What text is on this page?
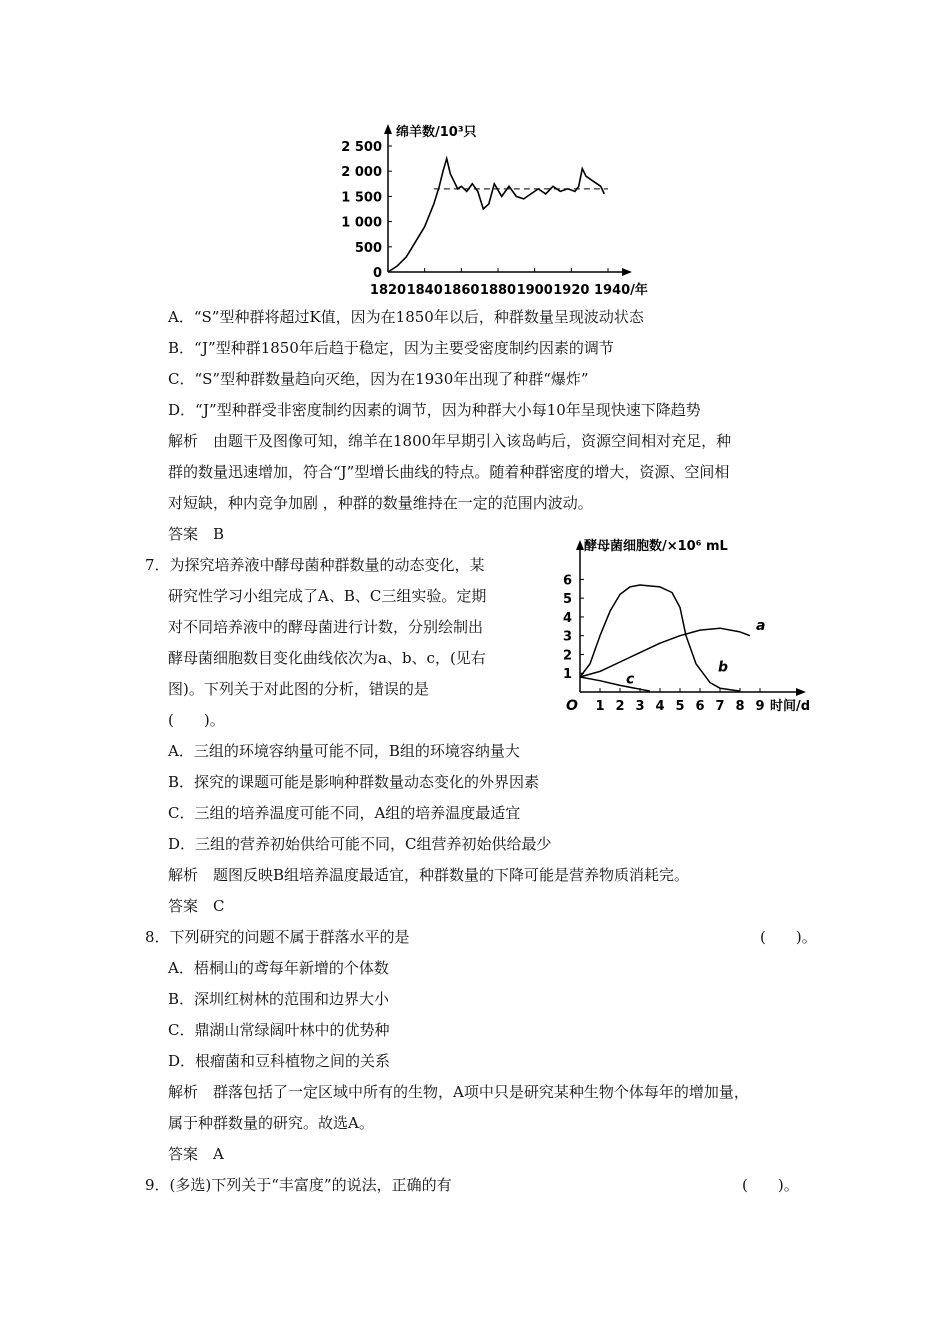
绵羊数/10³只
2 500
2 000
1 500
1 000
500
0
1820 1840 1860 1880 1900 1920 1940/年
A．“S”型种群将超过K值，因为在1850年以后，种群数量呈现波动状态
B．“J”型种群1850年后趋于稳定，因为主要受密度制约因素的调节
C．“S”型种群数量趋向灭绝，因为在1930年出现了种群“爆炸”
D．“J”型种群受非密度制约因素的调节，因为种群大小每10年呈现快速下降趋势
解析　由题干及图像可知，绵羊在1800年早期引入该岛屿后，资源空间相对充足，种
群的数量迅速增加，符合“J”型增长曲线的特点。随着种群密度的增大，资源、空间相
对短缺，种内竞争加剧 ，种群的数量维持在一定的范围内波动。
答案　B
7．为探究培养液中酵母菌种群数量的动态变化，某
研究性学习小组完成了A、B、C三组实验。定期
对不同培养液中的酵母菌进行计数，分别绘制出
酵母菌细胞数目变化曲线依次为a、b、c，(见右
图)。下列关于对此图的分析，错误的是
(　　)。
酵母菌细胞数/×10⁶ mL
O
1
2
3
4
5
6
1 2 3 4 5 6 7 8 9 时间/d
a
b
c
A．三组的环境容纳量可能不同，B组的环境容纳量大
B．探究的课题可能是影响种群数量动态变化的外界因素
C．三组的培养温度可能不同，A组的培养温度最适宜
D．三组的营养初始供给可能不同，C组营养初始供给最少
解析　题图反映B组培养温度最适宜，种群数量的下降可能是营养物质消耗完。
答案　C
8．下列研究的问题不属于群落水平的是	(　　)。
A．梧桐山的鸢每年新增的个体数
B．深圳红树林的范围和边界大小
C．鼎湖山常绿阔叶林中的优势种
D．根瘤菌和豆科植物之间的关系
解析　群落包括了一定区域中所有的生物，A项中只是研究某种生物个体每年的增加量，
属于种群数量的研究。故选A。
答案　A
9．(多选)下列关于“丰富度”的说法，正确的有	(　　)。
